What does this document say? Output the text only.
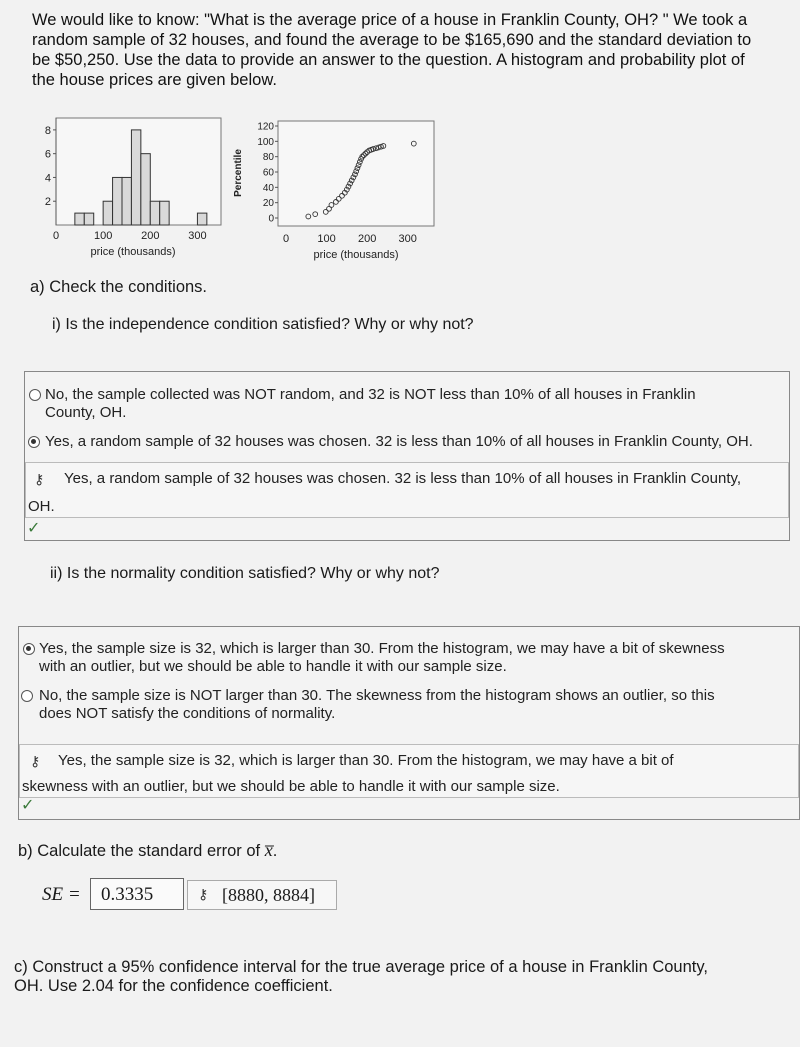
We would like to know: "What is the average price of a house in Franklin County, OH? " We took a random sample of 32 houses, and found the average to be $165,690 and the standard deviation to be $50,250. Use the data to provide an answer to the question. A histogram and probability plot of the house prices are given below.
2
4
6
8
0	100	200	300
price (thousands)
0
20
40
60
80
100
120
0	100 200 300
Percentile
price (thousands)
a) Check the conditions.
i) Is the independence condition satisfied? Why or why not?
No, the sample collected was NOT random, and 32 is NOT less than 10% of all houses in Franklin
County, OH.
Yes, a random sample of 32 houses was chosen. 32 is less than 10% of all houses in Franklin County, OH.
⚷ Yes, a random sample of 32 houses was chosen. 32 is less than 10% of all houses in Franklin County,
OH.
✓
ii) Is the normality condition satisfied? Why or why not?
Yes, the sample size is 32, which is larger than 30. From the histogram, we may have a bit of skewness
with an outlier, but we should be able to handle it with our sample size.
No, the sample size is NOT larger than 30. The skewness from the histogram shows an outlier, so this
does NOT satisfy the conditions of normality.
⚷ Yes, the sample size is 32, which is larger than 30. From the histogram, we may have a bit of
skewness with an outlier, but we should be able to handle it with our sample size.
✓
b) Calculate the standard error of x̅.
SE =	0.3335	⚷ [8880, 8884]
c) Construct a 95% confidence interval for the true average price of a house in Franklin County,
OH. Use 2.04 for the confidence coefficient.
